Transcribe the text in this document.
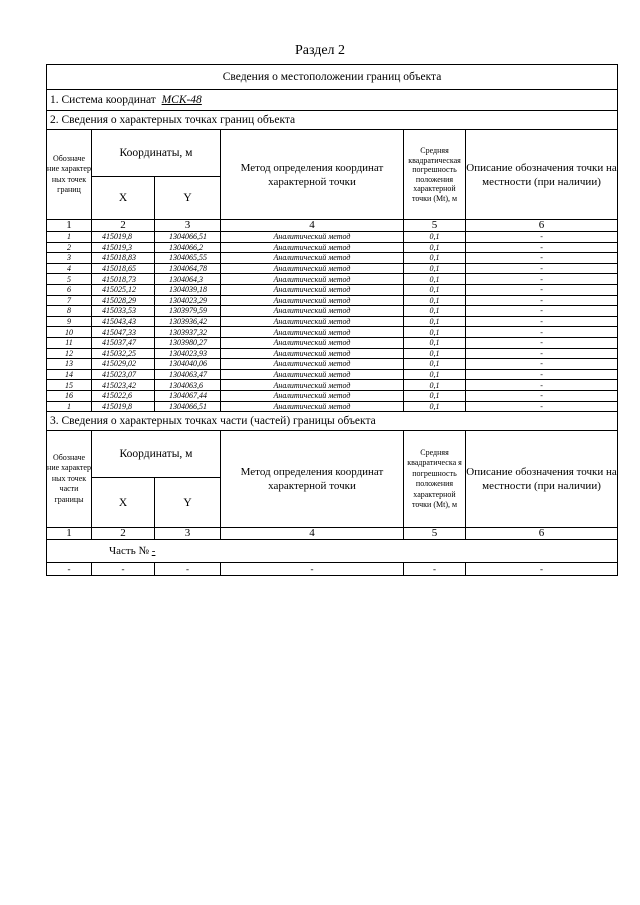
Раздел 2
Сведения о местоположении границ объекта					
1. Система координат МСК-48					
2. Сведения о характерных точках границ объекта					
Обозначе ние характер ных точек границ	Координаты, м		Метод определения координат характерной точки	Средняя квадратическая погрешность положения характерной точки (Mt), м	Описание обозначения точки на местности (при наличии)
	X	Y			
1	2	3	4	5	6
1	415019,8	1304066,51	Аналитический метод	0,1	-
2	415019,3	1304066,2	Аналитический метод	0,1	-
3	415018,83	1304065,55	Аналитический метод	0,1	-
4	415018,65	1304064,78	Аналитический метод	0,1	-
5	415018,73	1304064,3	Аналитический метод	0,1	-
6	415025,12	1304039,18	Аналитический метод	0,1	-
7	415028,29	1304023,29	Аналитический метод	0,1	-
8	415033,53	1303979,59	Аналитический метод	0,1	-
9	415043,43	1303936,42	Аналитический метод	0,1	-
10	415047,33	1303937,32	Аналитический метод	0,1	-
11	415037,47	1303980,27	Аналитический метод	0,1	-
12	415032,25	1304023,93	Аналитический метод	0,1	-
13	415029,02	1304040,06	Аналитический метод	0,1	-
14	415023,07	1304063,47	Аналитический метод	0,1	-
15	415023,42	1304063,6	Аналитический метод	0,1	-
16	415022,6	1304067,44	Аналитический метод	0,1	-
1	415019,8	1304066,51	Аналитический метод	0,1	-
3. Сведения о характерных точках части (частей) границы объекта					
Обозначе ние характер ных точек части границы	Координаты, м		Метод определения координат характерной точки	Средняя квадратическа я погрешность положения характерной точки (Mt), м	Описание обозначения точки на местности (при наличии)
	X	Y			
1	2	3	4	5	6
Часть № -					
-	-	-	-	-	-
